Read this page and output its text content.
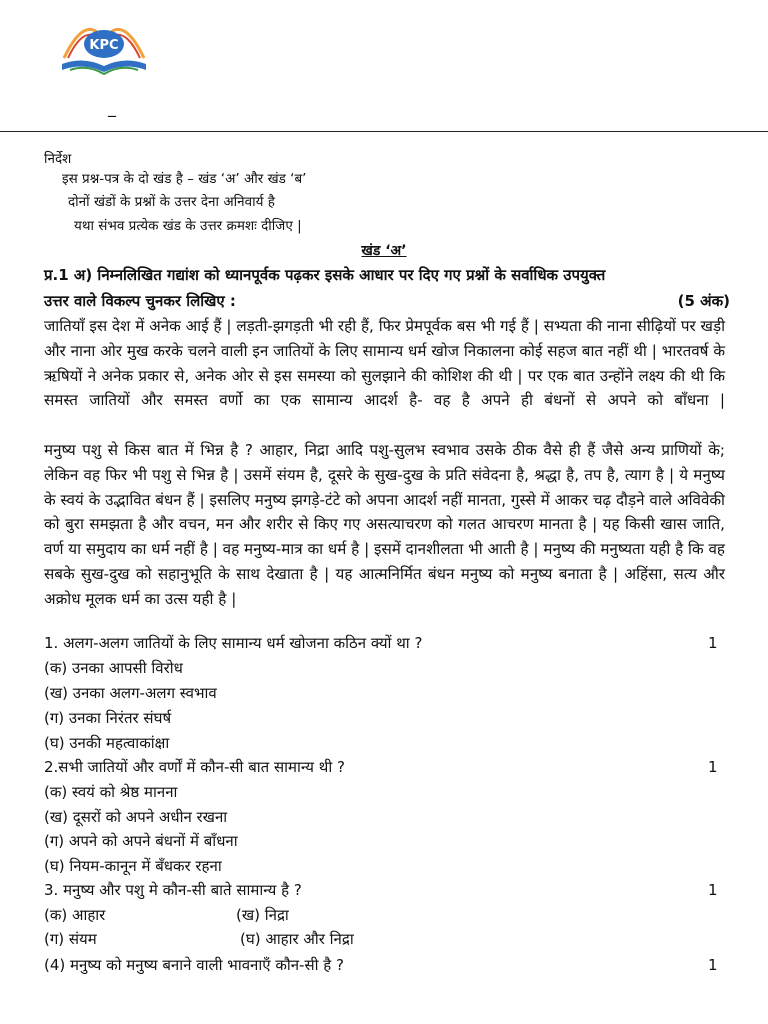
KPC
_
निर्देश
इस प्रश्न-पत्र के दो खंड है – खंड ‘अ’ और खंड ‘ब’
दोनों खंडों के प्रश्नों के उत्तर देना अनिवार्य है
यथा संभव प्रत्येक खंड के उत्तर क्रमशः दीजिए |
खंड ‘अ’
प्र.1 अ) निम्नलिखित गद्यांश को ध्यानपूर्वक पढ़कर इसके आधार पर दिए गए प्रश्नों के सर्वाधिक उपयुक्त
उत्तर वाले विकल्प चुनकर लिखिए :	(5 अंक)

जातियाँ इस देश में अनेक आई हैं | लड़ती-झगड़ती भी रही हैं, फिर प्रेमपूर्वक बस भी गई हैं | सभ्यता की नाना सीढ़ियों पर खड़ी और नाना ओर मुख करके चलने वाली इन जातियों के लिए सामान्य धर्म खोज निकालना कोई सहज बात नहीं थी | भारतवर्ष के ऋषियों ने अनेक प्रकार से, अनेक ओर से इस समस्या को सुलझाने की कोशिश की थी | पर एक बात उन्होंने लक्ष्य की थी कि समस्त जातियों और समस्त वर्णो का एक सामान्य आदर्श है- वह है अपने ही बंधनों से अपने को बाँधना |

मनुष्य पशु से किस बात में भिन्न है ? आहार, निद्रा आदि पशु-सुलभ स्वभाव उसके ठीक वैसे ही हैं जैसे अन्य प्राणियों के; लेकिन वह फिर भी पशु से भिन्न है | उसमें संयम है, दूसरे के सुख-दुख के प्रति संवेदना है, श्रद्धा है, तप है, त्याग है | ये मनुष्य के स्वयं के उद्भावित बंधन हैं | इसलिए मनुष्य झगड़े-टंटे को अपना आदर्श नहीं मानता, गुस्से में आकर चढ़ दौड़ने वाले अविवेकी को बुरा समझता है और वचन, मन और शरीर से किए गए असत्याचरण को गलत आचरण मानता है | यह किसी खास जाति, वर्ण या समुदाय का धर्म नहीं है | वह मनुष्य-मात्र का धर्म है | इसमें दानशीलता भी आती है | मनुष्य की मनुष्यता यही है कि वह सबके सुख-दुख को सहानुभूति के साथ देखाता है | यह आत्मनिर्मित बंधन मनुष्य को मनुष्य बनाता है | अहिंसा, सत्य और अक्रोध मूलक धर्म का उत्स यही है |

1. अलग-अलग जातियों के लिए सामान्य धर्म खोजना कठिन क्यों था ?	1
(क) उनका आपसी विरोध
(ख) उनका अलग-अलग स्वभाव
(ग) उनका निरंतर संघर्ष
(घ) उनकी महत्वाकांक्षा
2.सभी जातियों और वर्णों में कौन-सी बात सामान्य थी ?	1
(क) स्वयं को श्रेष्ठ मानना
(ख) दूसरों को अपने अधीन रखना
(ग) अपने को अपने बंधनों में बाँधना
(घ) नियम-कानून में बँधकर रहना
3. मनुष्य और पशु मे कौन-सी बाते सामान्य है ?	1
(क) आहार	(ख) निद्रा
(ग) संयम	(घ) आहार और निद्रा
(4) मनुष्य को मनुष्य बनाने वाली भावनाएँ कौन-सी है ?	1
